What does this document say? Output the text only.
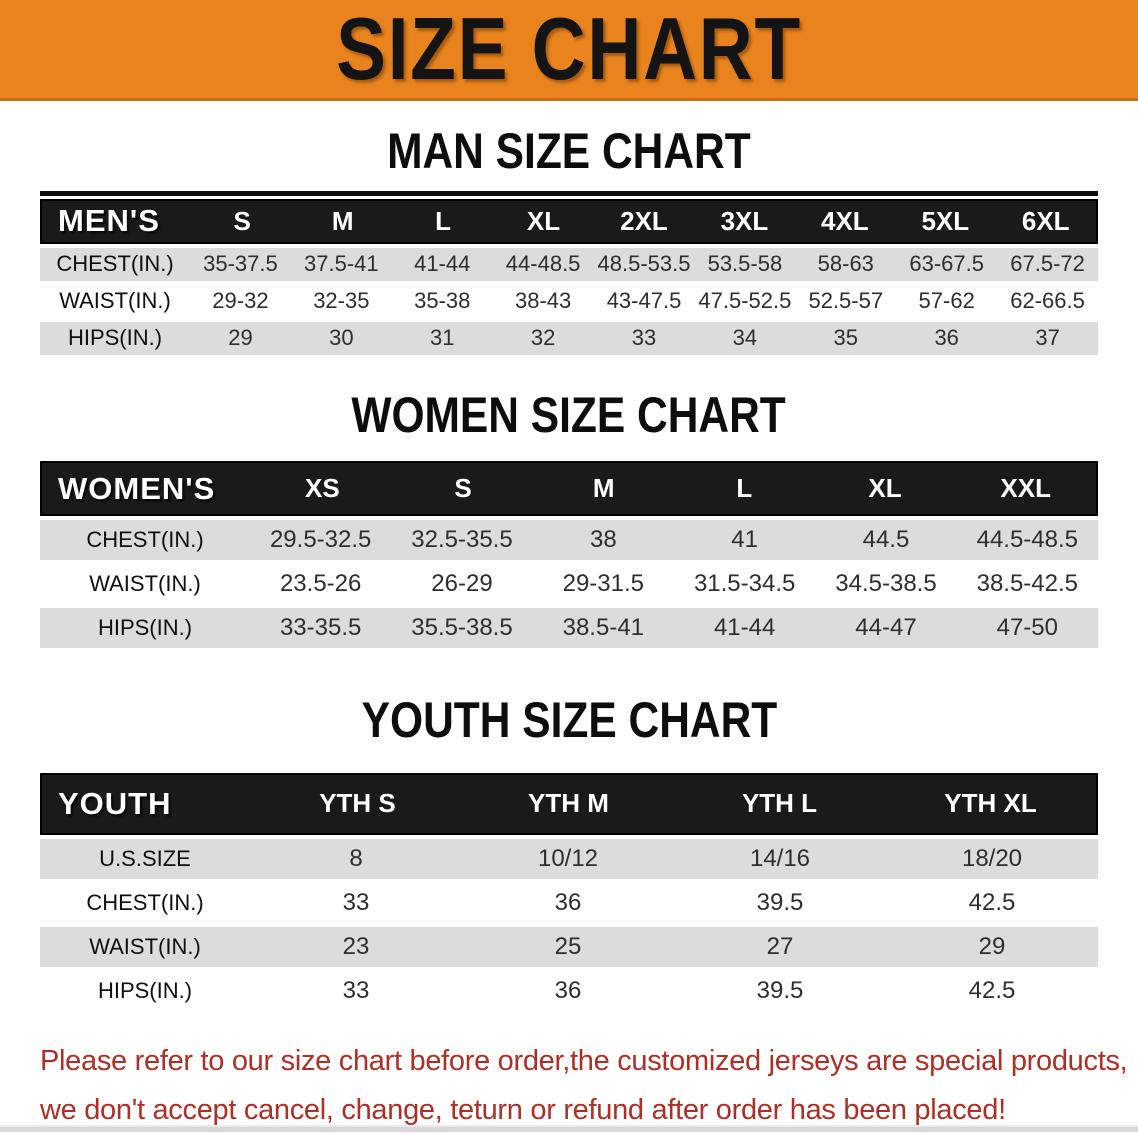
SIZE CHART
MAN SIZE CHART
MEN'S	S	M	L	XL	2XL	3XL	4XL	5XL	6XL
CHEST(IN.)	35-37.5	37.5-41	41-44	44-48.5 48.5-53.5 53.5-58	58-63	63-67.5	67.5-72
WAIST(IN.)	29-32	32-35	35-38	38-43	43-47.5 47.5-52.5 52.5-57	57-62	62-66.5
HIPS(IN.)	29	30	31	32	33	34	35	36	37
WOMEN SIZE CHART
WOMEN'S	XS	S	M	L	XL	XXL
CHEST(IN.)	29.5-32.5	32.5-35.5	38	41	44.5	44.5-48.5
WAIST(IN.)	23.5-26	26-29	29-31.5	31.5-34.5	34.5-38.5	38.5-42.5
HIPS(IN.)	33-35.5	35.5-38.5	38.5-41	41-44	44-47	47-50
YOUTH SIZE CHART
YOUTH	YTH S	YTH M	YTH L	YTH XL
U.S.SIZE	8	10/12	14/16	18/20
CHEST(IN.)	33	36	39.5	42.5
WAIST(IN.)	23	25	27	29
HIPS(IN.)	33	36	39.5	42.5
Please refer to our size chart before order,the customized jerseys are special products,
we don't accept cancel, change, teturn or refund after order has been placed!
